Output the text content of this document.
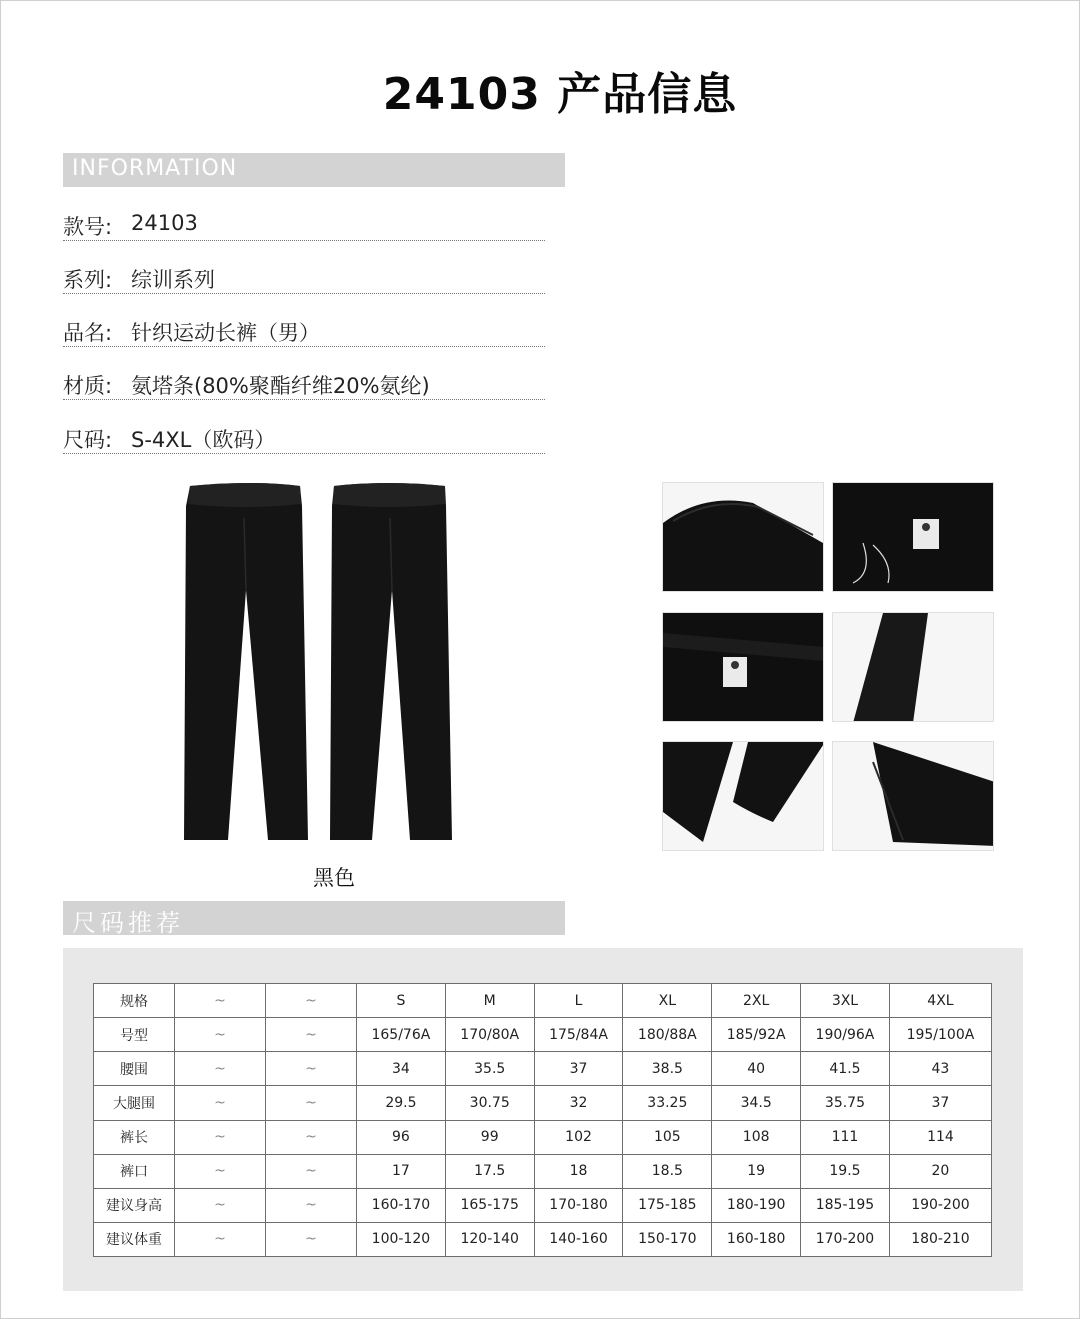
24103 产品信息
INFORMATION
款号: 24103
系列: 综训系列
品名: 针织运动长裤（男）
材质: 氨塔条(80%聚酯纤维20%氨纶)
尺码: S-4XL（欧码）
黑色
尺码推荐
规格	~	~	S	M	L	XL	2XL	3XL	4XL
号型	~	~	165/76A	170/80A	175/84A	180/88A	185/92A	190/96A	195/100A
腰围	~	~	34	35.5	37	38.5	40	41.5	43
大腿围	~	~	29.5	30.75	32	33.25	34.5	35.75	37
裤长	~	~	96	99	102	105	108	111	114
裤口	~	~	17	17.5	18	18.5	19	19.5	20
建议身高	~	~	160-170	165-175	170-180	175-185	180-190	185-195	190-200
建议体重	~	~	100-120	120-140	140-160	150-170	160-180	170-200	180-210
